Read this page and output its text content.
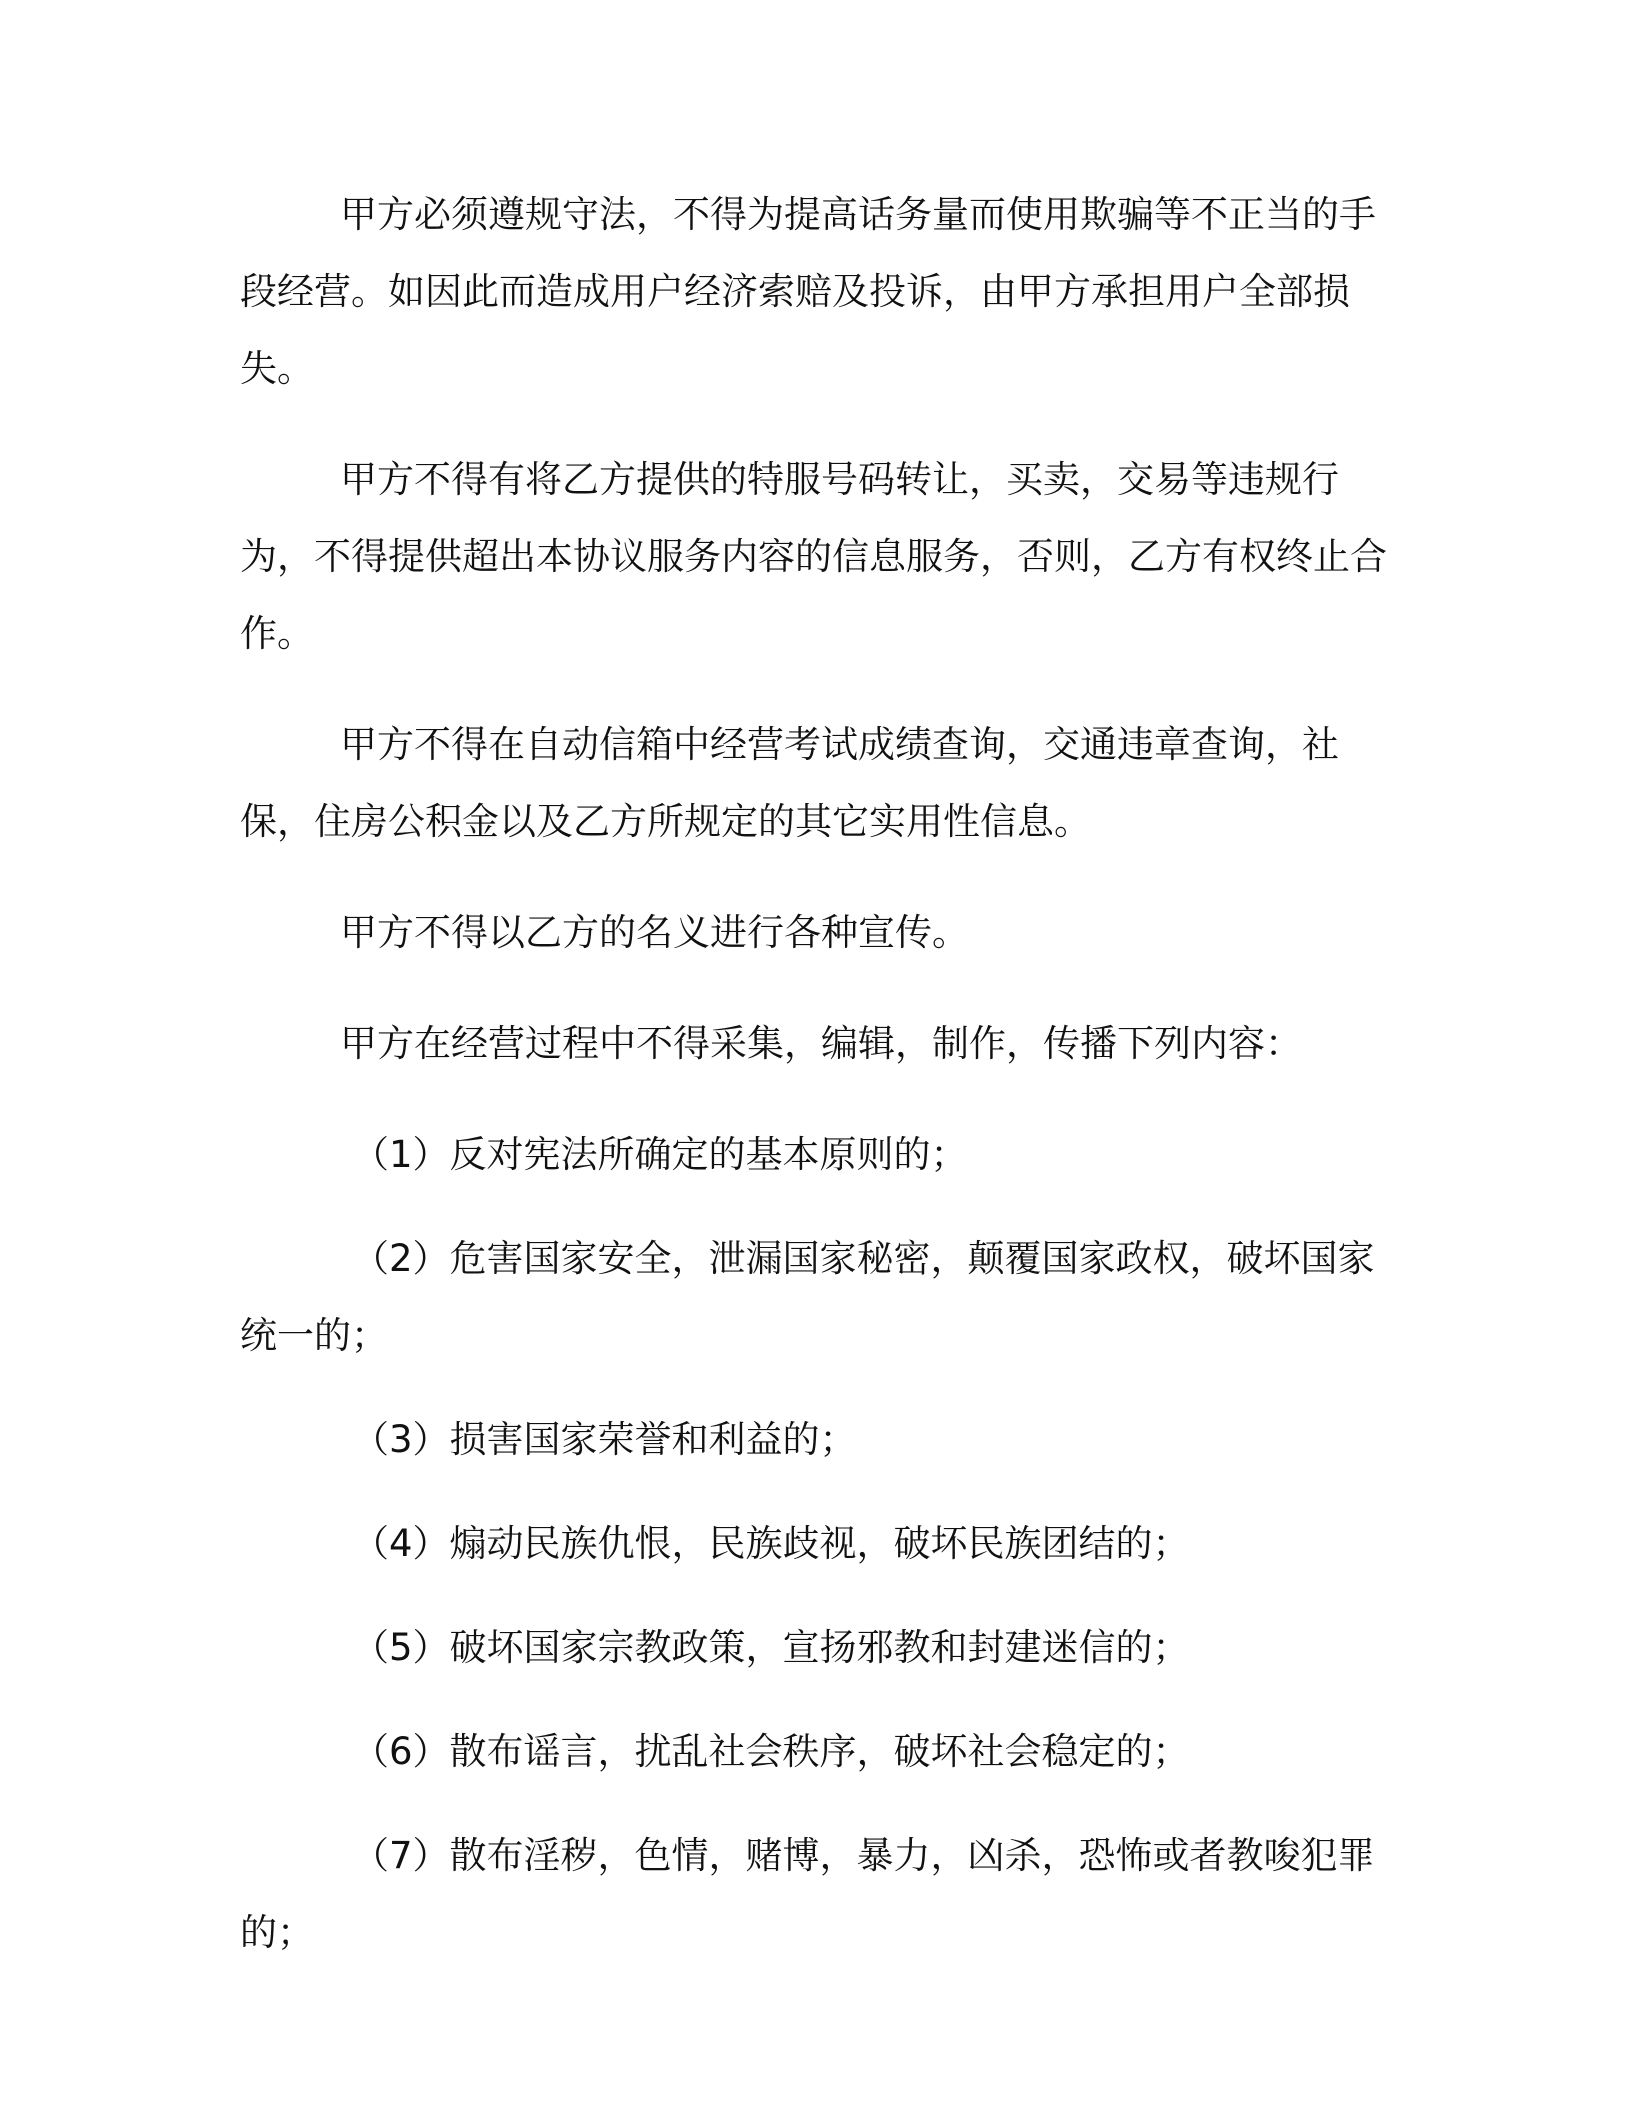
甲方必须遵规守法，不得为提高话务量而使用欺骗等不正当的手段经营。如因此而造成用户经济索赔及投诉，由甲方承担用户全部损失。

甲方不得有将乙方提供的特服号码转让，买卖，交易等违规行为，不得提供超出本协议服务内容的信息服务，否则，乙方有权终止合作。

甲方不得在自动信箱中经营考试成绩查询，交通违章查询，社保，住房公积金以及乙方所规定的其它实用性信息。

甲方不得以乙方的名义进行各种宣传。

甲方在经营过程中不得采集，编辑，制作，传播下列内容：

（1）反对宪法所确定的基本原则的；

（2）危害国家安全，泄漏国家秘密，颠覆国家政权，破坏国家统一的；

（3）损害国家荣誉和利益的；

（4）煽动民族仇恨，民族歧视，破坏民族团结的；

（5）破坏国家宗教政策，宣扬邪教和封建迷信的；

（6）散布谣言，扰乱社会秩序，破坏社会稳定的；

（7）散布淫秽，色情，赌博，暴力，凶杀，恐怖或者教唆犯罪的；
